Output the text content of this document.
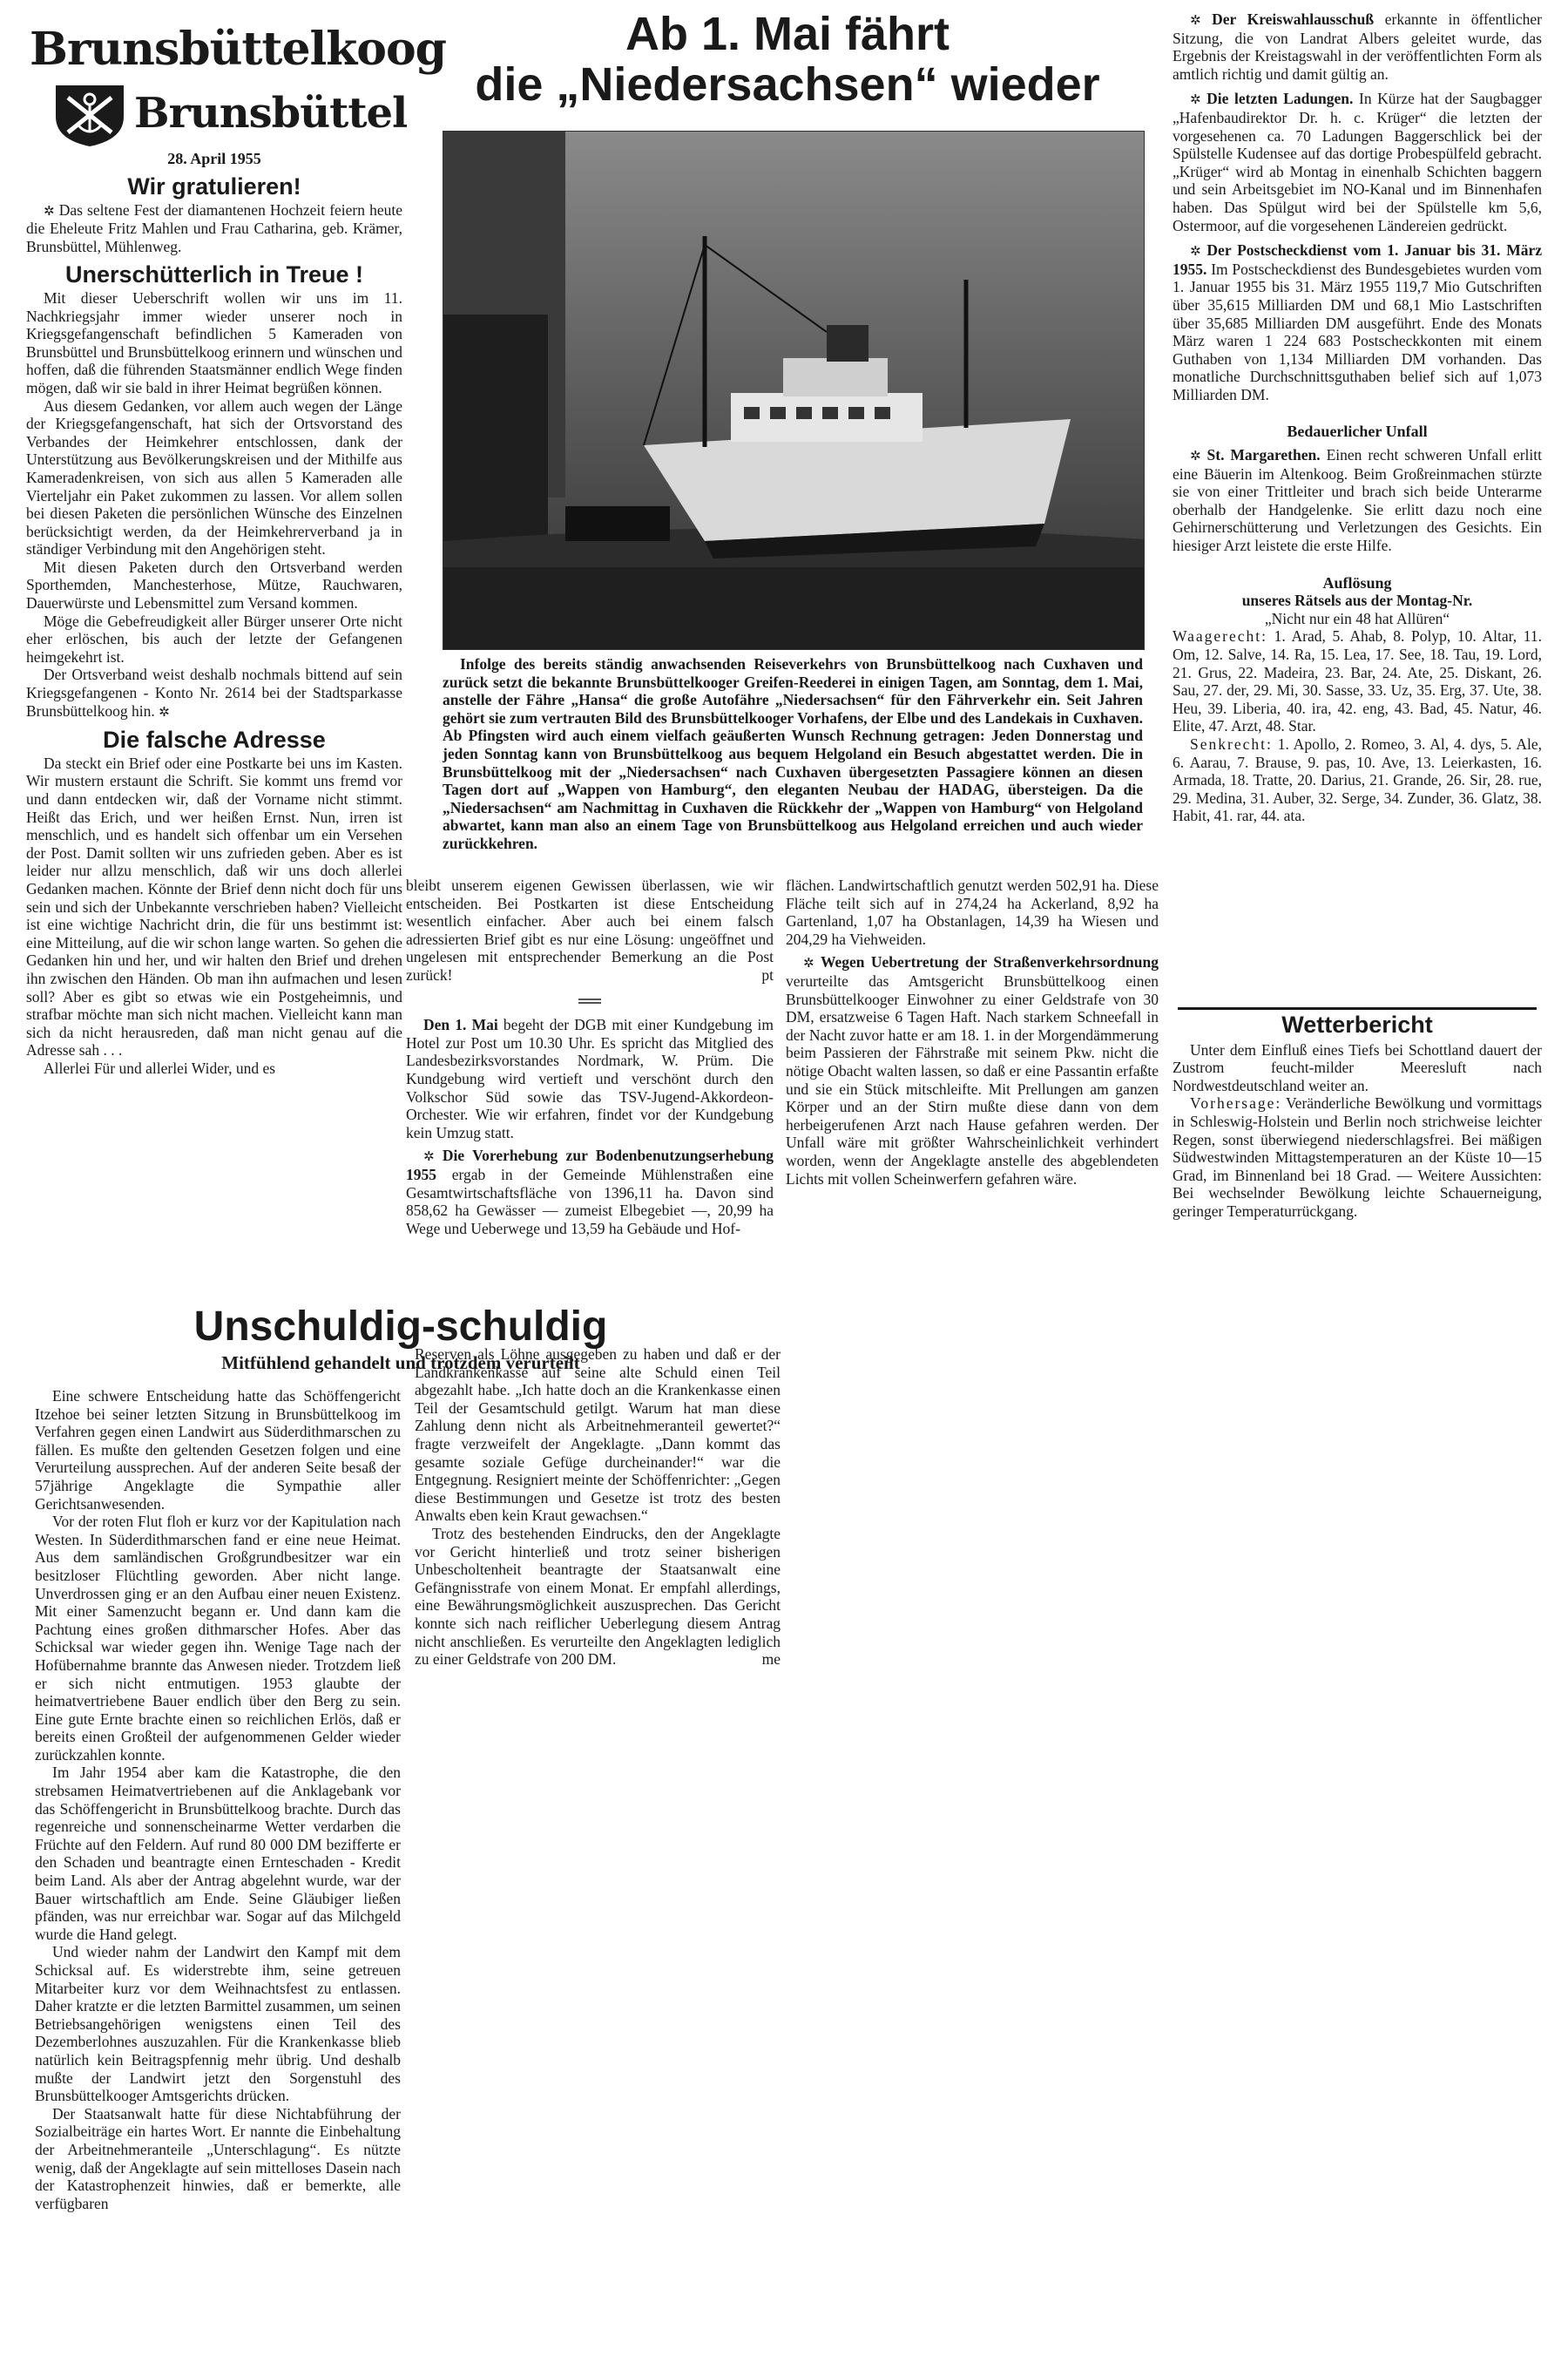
Brunsbüttelkoog
Brunsbüttel
28. April 1955
Wir gratulieren!

✲ Das seltene Fest der diamantenen Hochzeit feiern heute die Eheleute Fritz Mahlen und Frau Catharina, geb. Krämer, Brunsbüttel, Mühlenweg.

Unerschütterlich in Treue !

Mit dieser Ueberschrift wollen wir uns im 11. Nachkriegsjahr immer wieder unserer noch in Kriegsgefangenschaft befindlichen 5 Kameraden von Brunsbüttel und Brunsbüttelkoog erinnern und wünschen und hoffen, daß die führenden Staatsmänner endlich Wege finden mögen, daß wir sie bald in ihrer Heimat begrüßen können.

Aus diesem Gedanken, vor allem auch wegen der Länge der Kriegsgefangenschaft, hat sich der Ortsvorstand des Verbandes der Heimkehrer entschlossen, dank der Unterstützung aus Bevölkerungskreisen und der Mithilfe aus Kameradenkreisen, von sich aus allen 5 Kameraden alle Vierteljahr ein Paket zukommen zu lassen. Vor allem sollen bei diesen Paketen die persönlichen Wünsche des Einzelnen berücksichtigt werden, da der Heimkehrerverband ja in ständiger Verbindung mit den Angehörigen steht.

Mit diesen Paketen durch den Ortsverband werden Sporthemden, Manchesterhose, Mütze, Rauchwaren, Dauerwürste und Lebensmittel zum Versand kommen.

Möge die Gebefreudigkeit aller Bürger unserer Orte nicht eher erlöschen, bis auch der letzte der Gefangenen heimgekehrt ist.

Der Ortsverband weist deshalb nochmals bittend auf sein Kriegsgefangenen - Konto Nr. 2614 bei der Stadtsparkasse Brunsbüttelkoog hin. ✲

Die falsche Adresse

Da steckt ein Brief oder eine Postkarte bei uns im Kasten. Wir mustern erstaunt die Schrift. Sie kommt uns fremd vor und dann entdecken wir, daß der Vorname nicht stimmt. Heißt das Erich, und wer heißen Ernst. Nun, irren ist menschlich, und es handelt sich offenbar um ein Versehen der Post. Damit sollten wir uns zufrieden geben. Aber es ist leider nur allzu menschlich, daß wir uns doch allerlei Gedanken machen. Könnte der Brief denn nicht doch für uns sein und sich der Unbekannte verschrieben haben? Vielleicht ist eine wichtige Nachricht drin, die für uns bestimmt ist: eine Mitteilung, auf die wir schon lange warten. So gehen die Gedanken hin und her, und wir halten den Brief und drehen ihn zwischen den Händen. Ob man ihn aufmachen und lesen soll? Aber es gibt so etwas wie ein Postgeheimnis, und strafbar möchte man sich nicht machen. Vielleicht kann man sich da nicht herausreden, daß man nicht genau auf die Adresse sah . . .

Allerlei Für und allerlei Wider, und es

Ab 1. Mai fährt
die „Niedersachsen“ wieder

Infolge des bereits ständig anwachsenden Reiseverkehrs von Brunsbüttelkoog nach Cuxhaven und zurück setzt die bekannte Brunsbüttelkooger Greifen-Reederei in einigen Tagen, am Sonntag, dem 1. Mai, anstelle der Fähre „Hansa“ die große Autofähre „Niedersachsen“ für den Fährverkehr ein. Seit Jahren gehört sie zum vertrauten Bild des Brunsbüttelkooger Vorhafens, der Elbe und des Landekais in Cuxhaven. Ab Pfingsten wird auch einem vielfach geäußerten Wunsch Rechnung getragen: Jeden Donnerstag und jeden Sonntag kann von Brunsbüttelkoog aus bequem Helgoland ein Besuch abgestattet werden. Die in Brunsbüttelkoog mit der „Niedersachsen“ nach Cuxhaven übergesetzten Passagiere können an diesen Tagen dort auf „Wappen von Hamburg“, den eleganten Neubau der HADAG, übersteigen. Da die „Niedersachsen“ am Nachmittag in Cuxhaven die Rückkehr der „Wappen von Hamburg“ von Helgoland abwartet, kann man also an einem Tage von Brunsbüttelkoog aus Helgoland erreichen und auch wieder zurückkehren.

bleibt unserem eigenen Gewissen überlassen, wie wir entscheiden. Bei Postkarten ist diese Entscheidung wesentlich einfacher. Aber auch bei einem falsch adressierten Brief gibt es nur eine Lösung: ungeöffnet und ungelesen mit entsprechender Bemerkung an die Post zurück!	pt

Den 1. Mai begeht der DGB mit einer Kundgebung im Hotel zur Post um 10.30 Uhr. Es spricht das Mitglied des Landesbezirksvorstandes Nordmark, W. Prüm. Die Kundgebung wird vertieft und verschönt durch den Volkschor Süd sowie das TSV-Jugend-Akkordeon-Orchester. Wie wir erfahren, findet vor der Kundgebung kein Umzug statt.

✲ Die Vorerhebung zur Bodenbenutzungserhebung 1955 ergab in der Gemeinde Mühlenstraßen eine Gesamtwirtschaftsfläche von 1396,11 ha. Davon sind 858,62 ha Gewässer — zumeist Elbegebiet —, 20,99 ha Wege und Ueberwege und 13,59 ha Gebäude und Hof-

flächen. Landwirtschaftlich genutzt werden 502,91 ha. Diese Fläche teilt sich auf in 274,24 ha Ackerland, 8,92 ha Gartenland, 1,07 ha Obstanlagen, 14,39 ha Wiesen und 204,29 ha Viehweiden.

✲ Wegen Uebertretung der Straßenverkehrsordnung verurteilte das Amtsgericht Brunsbüttelkoog einen Brunsbüttelkooger Einwohner zu einer Geldstrafe von 30 DM, ersatzweise 6 Tagen Haft. Nach starkem Schneefall in der Nacht zuvor hatte er am 18. 1. in der Morgendämmerung beim Passieren der Fährstraße mit seinem Pkw. nicht die nötige Obacht walten lassen, so daß er eine Passantin erfaßte und sie ein Stück mitschleifte. Mit Prellungen am ganzen Körper und an der Stirn mußte diese dann von dem herbeigerufenen Arzt nach Hause gefahren werden. Der Unfall wäre mit größter Wahrscheinlichkeit verhindert worden, wenn der Angeklagte anstelle des abgeblendeten Lichts mit vollen Scheinwerfern gefahren wäre.

✲ Der Kreiswahlausschuß erkannte in öffentlicher Sitzung, die von Landrat Albers geleitet wurde, das Ergebnis der Kreistagswahl in der veröffentlichten Form als amtlich richtig und damit gültig an.

✲ Die letzten Ladungen. In Kürze hat der Saugbagger „Hafenbaudirektor Dr. h. c. Krüger“ die letzten der vorgesehenen ca. 70 Ladungen Baggerschlick bei der Spülstelle Kudensee auf das dortige Probespülfeld gebracht. „Krüger“ wird ab Montag in einenhalb Schichten baggern und sein Arbeitsgebiet im NO-Kanal und im Binnenhafen haben. Das Spülgut wird bei der Spülstelle km 5,6, Ostermoor, auf die vorgesehenen Ländereien gedrückt.

✲ Der Postscheckdienst vom 1. Januar bis 31. März 1955. Im Postscheckdienst des Bundesgebietes wurden vom 1. Januar 1955 bis 31. März 1955 119,7 Mio Gutschriften über 35,615 Milliarden DM und 68,1 Mio Lastschriften über 35,685 Milliarden DM ausgeführt. Ende des Monats März waren 1 224 683 Postscheckkonten mit einem Guthaben von 1,134 Milliarden DM vorhanden. Das monatliche Durchschnittsguthaben belief sich auf 1,073 Milliarden DM.

Bedauerlicher Unfall

✲ St. Margarethen. Einen recht schweren Unfall erlitt eine Bäuerin im Altenkoog. Beim Großreinmachen stürzte sie von einer Trittleiter und brach sich beide Unterarme oberhalb der Handgelenke. Sie erlitt dazu noch eine Gehirnerschütterung und Verletzungen des Gesichts. Ein hiesiger Arzt leistete die erste Hilfe.

Auflösung
unseres Rätsels aus der Montag-Nr.
„Nicht nur ein 48 hat Allüren“

Waagerecht: 1. Arad, 5. Ahab, 8. Polyp, 10. Altar, 11. Om, 12. Salve, 14. Ra, 15. Lea, 17. See, 18. Tau, 19. Lord, 21. Grus, 22. Madeira, 23. Bar, 24. Ate, 25. Diskant, 26. Sau, 27. der, 29. Mi, 30. Sasse, 33. Uz, 35. Erg, 37. Ute, 38. Heu, 39. Liberia, 40. ira, 42. eng, 43. Bad, 45. Natur, 46. Elite, 47. Arzt, 48. Star.

Senkrecht: 1. Apollo, 2. Romeo, 3. Al, 4. dys, 5. Ale, 6. Aarau, 7. Brause, 9. pas, 10. Ave, 13. Leierkasten, 16. Armada, 18. Tratte, 20. Darius, 21. Grande, 26. Sir, 28. rue, 29. Medina, 31. Auber, 32. Serge, 34. Zunder, 36. Glatz, 38. Habit, 41. rar, 44. ata.

Wetterbericht

Unter dem Einfluß eines Tiefs bei Schottland dauert der Zustrom feucht-milder Meeresluft nach Nordwestdeutschland weiter an.

Vorhersage: Veränderliche Bewölkung und vormittags in Schleswig-Holstein und Berlin noch strichweise leichter Regen, sonst überwiegend niederschlagsfrei. Bei mäßigen Südwestwinden Mittagstemperaturen an der Küste 10—15 Grad, im Binnenland bei 18 Grad. — Weitere Aussichten: Bei wechselnder Bewölkung leichte Schauerneigung, geringer Temperaturrückgang.

Unschuldig-schuldig
Mitfühlend gehandelt und trotzdem verurteilt

Eine schwere Entscheidung hatte das Schöffengericht Itzehoe bei seiner letzten Sitzung in Brunsbüttelkoog im Verfahren gegen einen Landwirt aus Süderdithmarschen zu fällen. Es mußte den geltenden Gesetzen folgen und eine Verurteilung aussprechen. Auf der anderen Seite besaß der 57jährige Angeklagte die Sympathie aller Gerichtsanwesenden.

Vor der roten Flut floh er kurz vor der Kapitulation nach Westen. In Süderdithmarschen fand er eine neue Heimat. Aus dem samländischen Großgrundbesitzer war ein besitzloser Flüchtling geworden. Aber nicht lange. Unverdrossen ging er an den Aufbau einer neuen Existenz. Mit einer Samenzucht begann er. Und dann kam die Pachtung eines großen dithmarscher Hofes. Aber das Schicksal war wieder gegen ihn. Wenige Tage nach der Hofübernahme brannte das Anwesen nieder. Trotzdem ließ er sich nicht entmutigen. 1953 glaubte der heimatvertriebene Bauer endlich über den Berg zu sein. Eine gute Ernte brachte einen so reichlichen Erlös, daß er bereits einen Großteil der aufgenommenen Gelder wieder zurückzahlen konnte.

Im Jahr 1954 aber kam die Katastrophe, die den strebsamen Heimatvertriebenen auf die Anklagebank vor das Schöffengericht in Brunsbüttelkoog brachte. Durch das regenreiche und sonnenscheinarme Wetter verdarben die Früchte auf den Feldern. Auf rund 80 000 DM bezifferte er den Schaden und beantragte einen Ernteschaden - Kredit beim Land. Als aber der Antrag abgelehnt wurde, war der Bauer wirtschaftlich am Ende. Seine Gläubiger ließen pfänden, was nur erreichbar war. Sogar auf das Milchgeld wurde die Hand gelegt.

Und wieder nahm der Landwirt den Kampf mit dem Schicksal auf. Es widerstrebte ihm, seine getreuen Mitarbeiter kurz vor dem Weihnachtsfest zu entlassen. Daher kratzte er die letzten Barmittel zusammen, um seinen Betriebsangehörigen wenigstens einen Teil des Dezemberlohnes auszuzahlen. Für die Krankenkasse blieb natürlich kein Beitragspfennig mehr übrig. Und deshalb mußte der Landwirt jetzt den Sorgenstuhl des Brunsbüttelkooger Amtsgerichts drücken.

Der Staatsanwalt hatte für diese Nichtabführung der Sozialbeiträge ein hartes Wort. Er nannte die Einbehaltung der Arbeitnehmeranteile „Unterschlagung“. Es nützte wenig, daß der Angeklagte auf sein mittelloses Dasein nach der Katastrophenzeit hinwies, daß er bemerkte, alle verfügbaren

Reserven als Löhne ausgegeben zu haben und daß er der Landkrankenkasse auf seine alte Schuld einen Teil abgezahlt habe. „Ich hatte doch an die Krankenkasse einen Teil der Gesamtschuld getilgt. Warum hat man diese Zahlung denn nicht als Arbeitnehmeranteil gewertet?“ fragte verzweifelt der Angeklagte. „Dann kommt das gesamte soziale Gefüge durcheinander!“ war die Entgegnung. Resigniert meinte der Schöffenrichter: „Gegen diese Bestimmungen und Gesetze ist trotz des besten Anwalts eben kein Kraut gewachsen.“

Trotz des bestehenden Eindrucks, den der Angeklagte vor Gericht hinterließ und trotz seiner bisherigen Unbescholtenheit beantragte der Staatsanwalt eine Gefängnisstrafe von einem Monat. Er empfahl allerdings, eine Bewährungsmöglichkeit auszusprechen. Das Gericht konnte sich nach reiflicher Ueberlegung diesem Antrag nicht anschließen. Es verurteilte den Angeklagten lediglich zu einer Geldstrafe von 200 DM.	me
